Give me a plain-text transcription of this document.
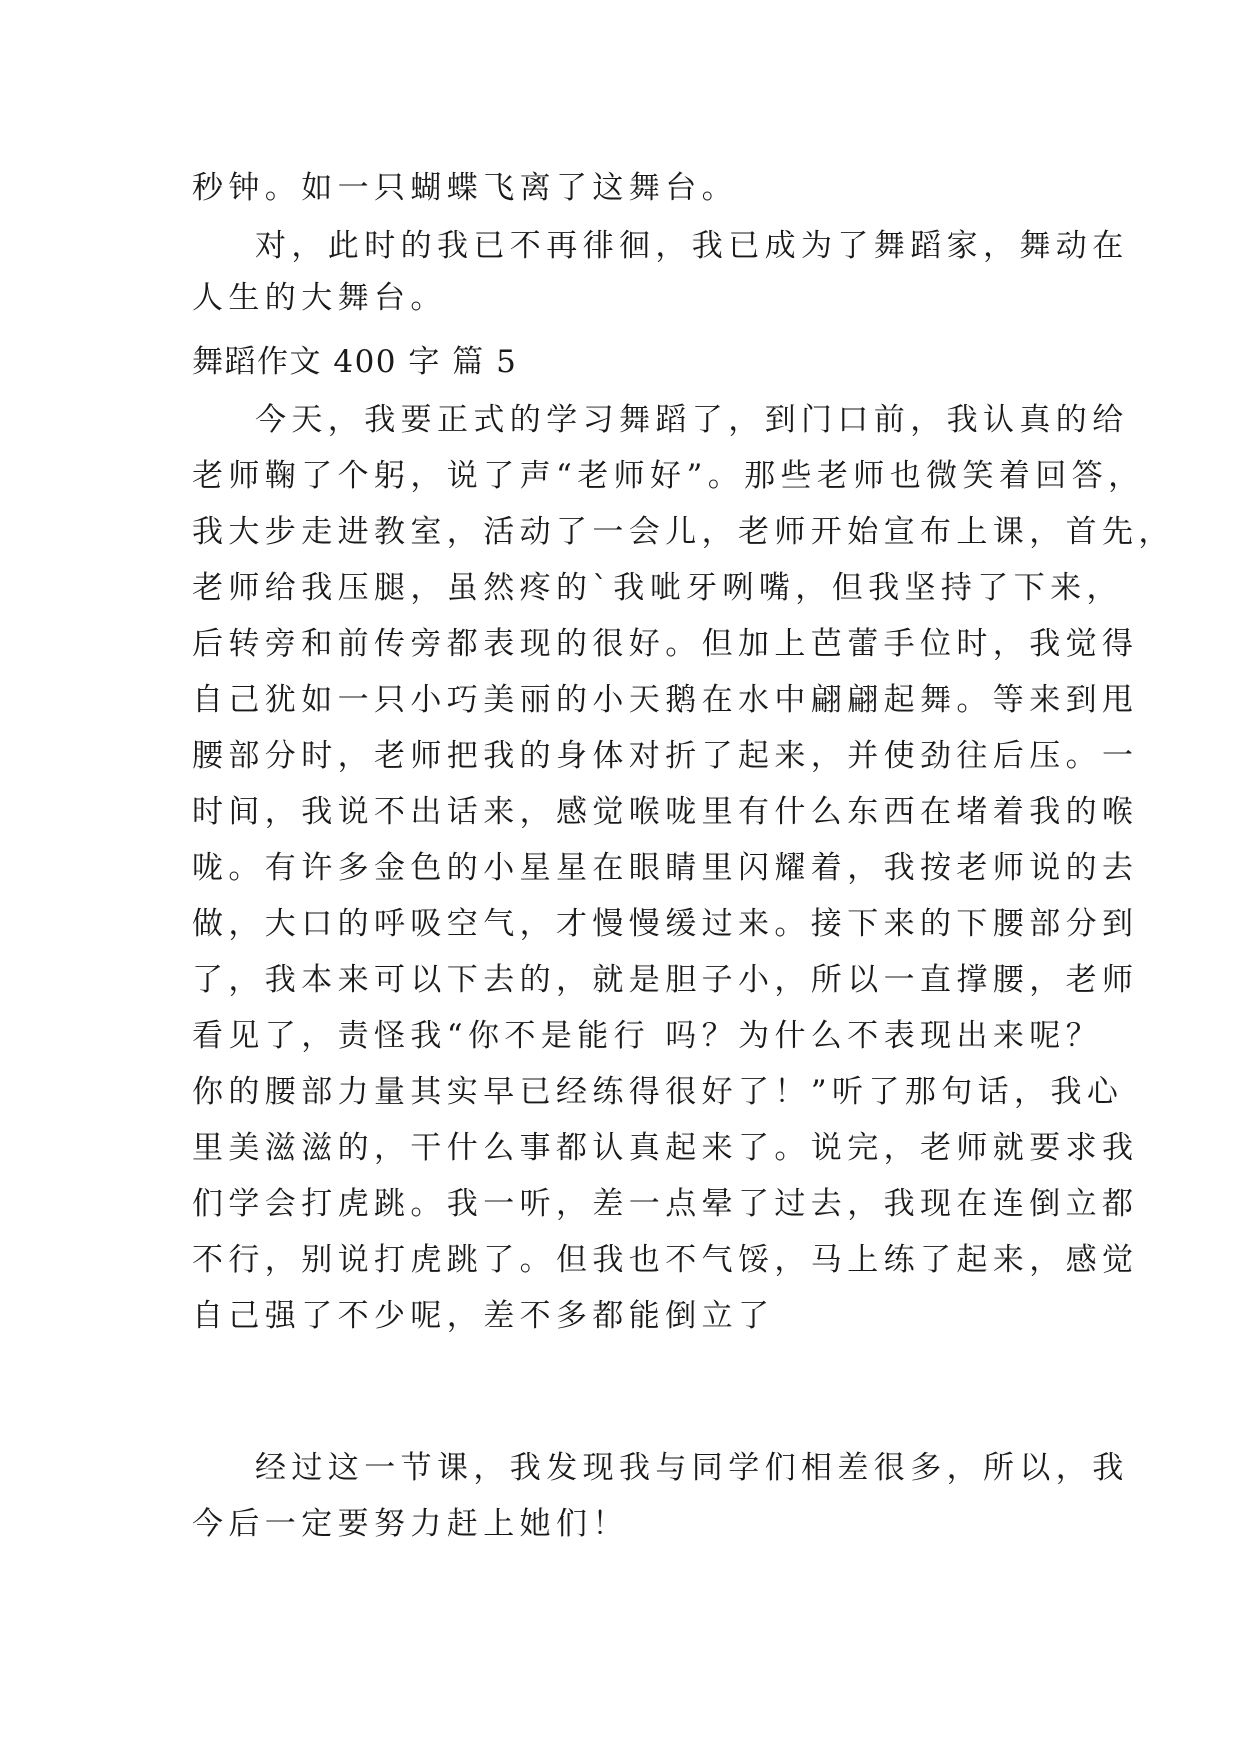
秒钟。如一只蝴蝶飞离了这舞台。
对，此时的我已不再徘徊，我已成为了舞蹈家，舞动在
人生的大舞台。
舞蹈作文 400 字 篇 5
今天，我要正式的学习舞蹈了，到门口前，我认真的给
老师鞠了个躬，说了声“老师好”。那些老师也微笑着回答，
我大步走进教室，活动了一会儿，老师开始宣布上课，首先，
老师给我压腿，虽然疼的`我呲牙咧嘴，但我坚持了下来，
后转旁和前传旁都表现的很好。但加上芭蕾手位时，我觉得
自己犹如一只小巧美丽的小天鹅在水中翩翩起舞。等来到甩
腰部分时，老师把我的身体对折了起来，并使劲往后压。一
时间，我说不出话来，感觉喉咙里有什么东西在堵着我的喉
咙。有许多金色的小星星在眼睛里闪耀着，我按老师说的去
做，大口的呼吸空气，才慢慢缓过来。接下来的下腰部分到
了，我本来可以下去的，就是胆子小，所以一直撑腰，老师
看见了，责怪我“你不是能行 吗？为什么不表现出来呢？
你的腰部力量其实早已经练得很好了！”听了那句话，我心
里美滋滋的，干什么事都认真起来了。说完，老师就要求我
们学会打虎跳。我一听，差一点晕了过去，我现在连倒立都
不行，别说打虎跳了。但我也不气馁，马上练了起来，感觉
自己强了不少呢，差不多都能倒立了
经过这一节课，我发现我与同学们相差很多，所以，我
今后一定要努力赶上她们！
